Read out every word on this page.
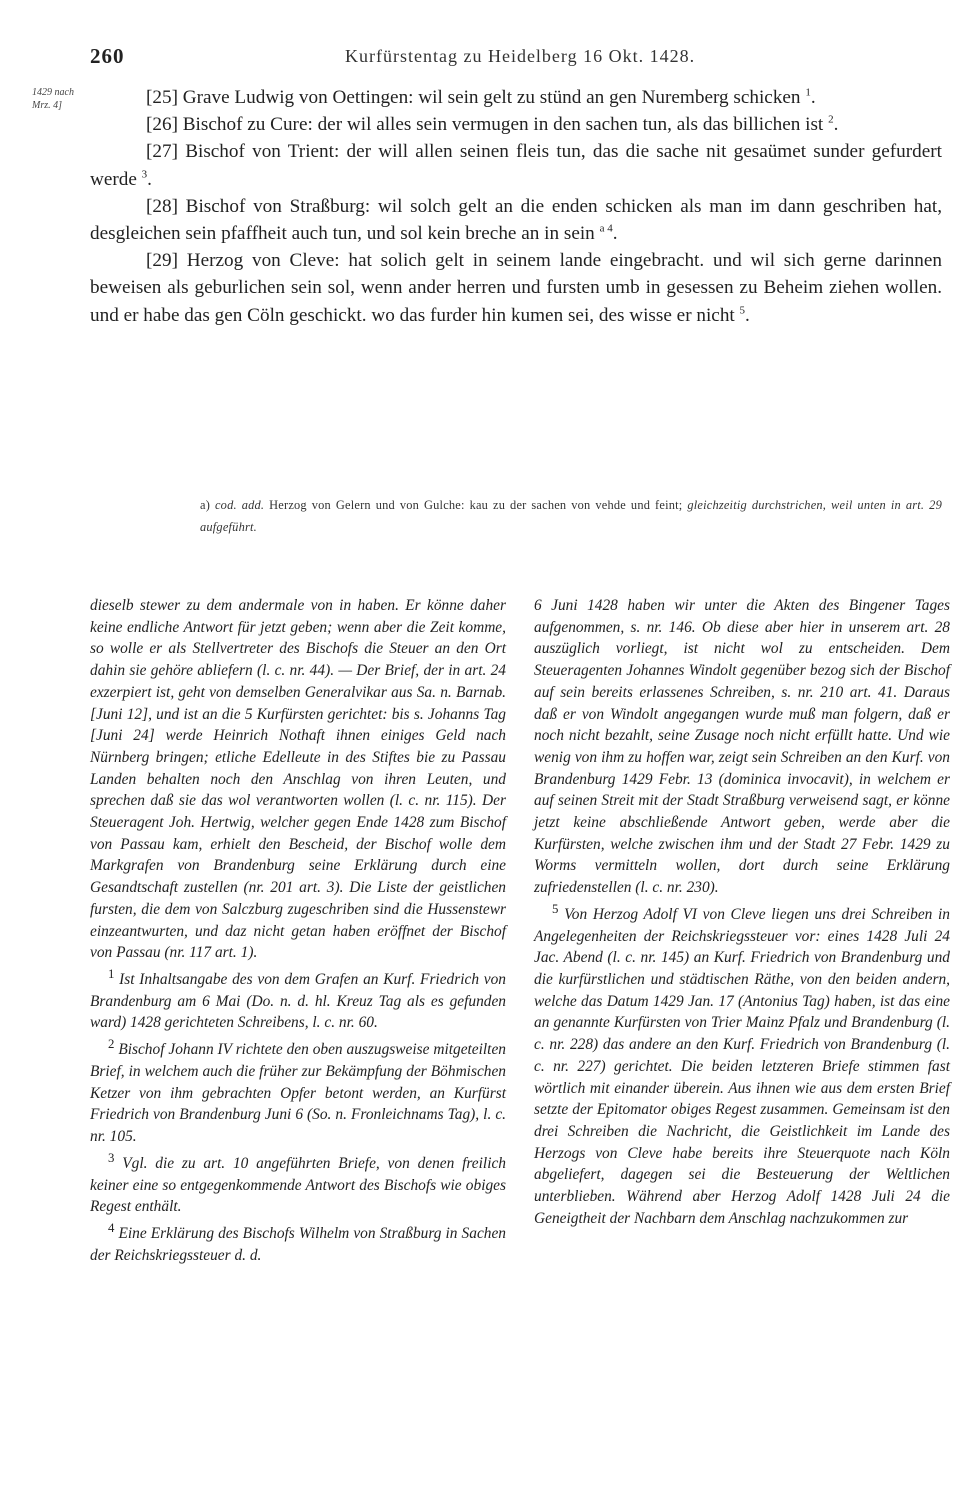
260	Kurfürstentag zu Heidelberg 16 Okt. 1428.
1429 nach Mrz. 4]	[25] Grave Ludwig von Oettingen: wil sein gelt zu stünd an gen Nuremberg schicken $^1$.

[26] Bischof zu Cure: der wil alles sein vermugen in den sachen tun, als das billichen ist $^2$.

[27] Bischof von Trient: der will allen seinen fleis tun, das die sache nit gesaümet sunder gefurdert werde $^3$.

[28] Bischof von Straßburg: wil solch gelt an die enden schicken als man im dann geschriben hat, desgleichen sein pfaffheit auch tun, und sol kein breche an in sein $^{a 4}$.

[29] Herzog von Cleve: hat solich gelt in seinem lande eingebracht. und wil sich gerne darinnen beweisen als geburlichen sein sol, wenn ander herren und fursten umb in gesessen zu Beheim ziehen wollen. und er habe das gen Cöln geschickt. wo das furder hin kumen sei, des wisse er nicht $^5$.

a) cod. add. Herzog von Gelern und von Gulche: kau zu der sachen von vehde und feint; gleichzeitig durchstrichen, weil unten in art. 29 aufgeführt.

dieselb stewer zu dem andermale von in haben. Er könne daher keine endliche Antwort für jetzt geben; wenn aber die Zeit komme, so wolle er als Stellvertreter des Bischofs die Steuer an den Ort dahin sie gehöre abliefern (l. c. nr. 44). — Der Brief, der in art. 24 exzerpiert ist, geht von demselben Generalvikar aus Sa. n. Barnab. [Juni 12], und ist an die 5 Kurfürsten gerichtet: bis s. Johanns Tag [Juni 24] werde Heinrich Nothaft ihnen einiges Geld nach Nürnberg bringen; etliche Edelleute in des Stiftes bie zu Passau Landen behalten noch den Anschlag von ihren Leuten, und sprechen daß sie das wol verantworten wollen (l. c. nr. 115). Der Steueragent Joh. Hertwig, welcher gegen Ende 1428 zum Bischof von Passau kam, erhielt den Bescheid, der Bischof wolle dem Markgrafen von Brandenburg seine Erklärung durch eine Gesandtschaft zustellen (nr. 201 art. 3). Die Liste der geistlichen fursten, die dem von Salczburg zugeschriben sind die Hussenstewr einzeantwurten, und daz nicht getan haben eröffnet der Bischof von Passau (nr. 117 art. 1).

$^1$ Ist Inhaltsangabe des von dem Grafen an Kurf. Friedrich von Brandenburg am 6 Mai (Do. n. d. hl. Kreuz Tag als es gefunden ward) 1428 gerichteten Schreibens, l. c. nr. 60.

$^2$ Bischof Johann IV richtete den oben auszugsweise mitgeteilten Brief, in welchem auch die früher zur Bekämpfung der Böhmischen Ketzer von ihm gebrachten Opfer betont werden, an Kurfürst Friedrich von Brandenburg Juni 6 (So. n. Fronleichnams Tag), l. c. nr. 105.

$^3$ Vgl. die zu art. 10 angeführten Briefe, von denen freilich keiner eine so entgegenkommende Antwort des Bischofs wie obiges Regest enthält.

$^4$ Eine Erklärung des Bischofs Wilhelm von Straßburg in Sachen der Reichskriegssteuer d. d.

6 Juni 1428 haben wir unter die Akten des Bingener Tages aufgenommen, s. nr. 146. Ob diese aber hier in unserem art. 28 auszüglich vorliegt, ist nicht wol zu entscheiden. Dem Steueragenten Johannes Windolt gegenüber bezog sich der Bischof auf sein bereits erlassenes Schreiben, s. nr. 210 art. 41. Daraus daß er von Windolt angegangen wurde muß man folgern, daß er noch nicht bezahlt, seine Zusage noch nicht erfüllt hatte. Und wie wenig von ihm zu hoffen war, zeigt sein Schreiben an den Kurf. von Brandenburg 1429 Febr. 13 (dominica invocavit), in welchem er auf seinen Streit mit der Stadt Straßburg verweisend sagt, er könne jetzt keine abschließende Antwort geben, werde aber die Kurfürsten, welche zwischen ihm und der Stadt 27 Febr. 1429 zu Worms vermitteln wollen, dort durch seine Erklärung zufriedenstellen (l. c. nr. 230).

$^5$ Von Herzog Adolf VI von Cleve liegen uns drei Schreiben in Angelegenheiten der Reichskriegssteuer vor: eines 1428 Juli 24 Jac. Abend (l. c. nr. 145) an Kurf. Friedrich von Brandenburg und die kurfürstlichen und städtischen Räthe, von den beiden andern, welche das Datum 1429 Jan. 17 (Antonius Tag) haben, ist das eine an genannte Kurfürsten von Trier Mainz Pfalz und Brandenburg (l. c. nr. 228) das andere an den Kurf. Friedrich von Brandenburg (l. c. nr. 227) gerichtet. Die beiden letzteren Briefe stimmen fast wörtlich mit einander überein. Aus ihnen wie aus dem ersten Brief setzte der Epitomator obiges Regest zusammen. Gemeinsam ist den drei Schreiben die Nachricht, die Geistlichkeit im Lande des Herzogs von Cleve habe bereits ihre Steuerquote nach Köln abgeliefert, dagegen sei die Besteuerung der Weltlichen unterblieben. Während aber Herzog Adolf 1428 Juli 24 die Geneigtheit der Nachbarn dem Anschlag nachzukommen zur
